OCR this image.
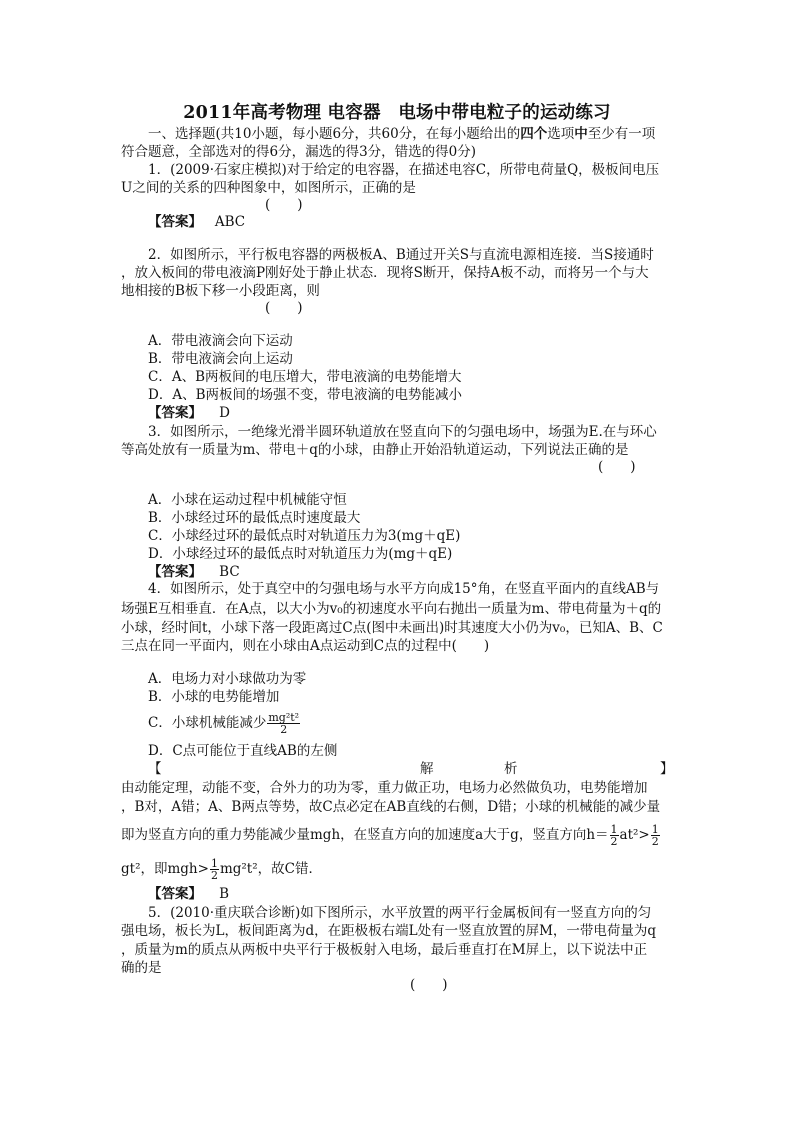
2011年高考物理 电容器　电场中带电粒子的运动练习
一、选择题(共10小题，每小题6分，共60分，在每小题给出的四个选项中至少有一项
符合题意，全部选对的得6分，漏选的得3分，错选的得0分)
1．(2009·石家庄模拟)对于给定的电容器，在描述电容C，所带电荷量Q，极板间电压
U之间的关系的四种图象中，如图所示，正确的是
(　　)
【答案】 ABC
2．如图所示，平行板电容器的两极板A、B通过开关S与直流电源相连接．当S接通时
，放入板间的带电液滴P刚好处于静止状态．现将S断开，保持A板不动，而将另一个与大
地相接的B板下移一小段距离，则
(　　)
A．带电液滴会向下运动
B．带电液滴会向上运动
C．A、B两板间的电压增大，带电液滴的电势能增大
D．A、B两板间的场强不变，带电液滴的电势能减小
【答案】 D
3．如图所示，一绝缘光滑半圆环轨道放在竖直向下的匀强电场中，场强为E.在与环心
等高处放有一质量为m、带电＋q的小球，由静止开始沿轨道运动，下列说法正确的是
(　　)
A．小球在运动过程中机械能守恒
B．小球经过环的最低点时速度最大
C．小球经过环的最低点时对轨道压力为3(mg＋qE)
D．小球经过环的最低点时对轨道压力为(mg＋qE)
【答案】 BC
4．如图所示，处于真空中的匀强电场与水平方向成15°角，在竖直平面内的直线AB与
场强E互相垂直．在A点，以大小为v₀的初速度水平向右抛出一质量为m、带电荷量为＋q的
小球，经时间t，小球下落一段距离过C点(图中未画出)时其速度大小仍为v₀，已知A、B、C
三点在同一平面内，则在小球由A点运动到C点的过程中(　　)
A．电场力对小球做功为零
B．小球的电势能增加
C．小球机械能减少 $\frac{\text{mg²t²}}{2}$
D．C点可能位于直线AB的左侧
【	解	析	】
由动能定理，动能不变，合外力的功为零，重力做正功，电场力必然做负功，电势能增加
，B对，A错；A、B两点等势，故C点必定在AB直线的右侧，D错；小球的机械能的减少量
即为竖直方向的重力势能减少量mgh，在竖直方向的加速度a大于g，竖直方向$h= \frac{1}{2} at^2> \frac{1}{2}$
gt²，即$mgh> \frac{1}{2} mg^2t^2$，故C错．
【答案】 B
5．(2010·重庆联合诊断)如下图所示，水平放置的两平行金属板间有一竖直方向的匀
强电场，板长为L，板间距离为d，在距极板右端L处有一竖直放置的屏M，一带电荷量为q
，质量为m的质点从两板中央平行于极板射入电场，最后垂直打在M屏上，以下说法中正
确的是
(　　)
